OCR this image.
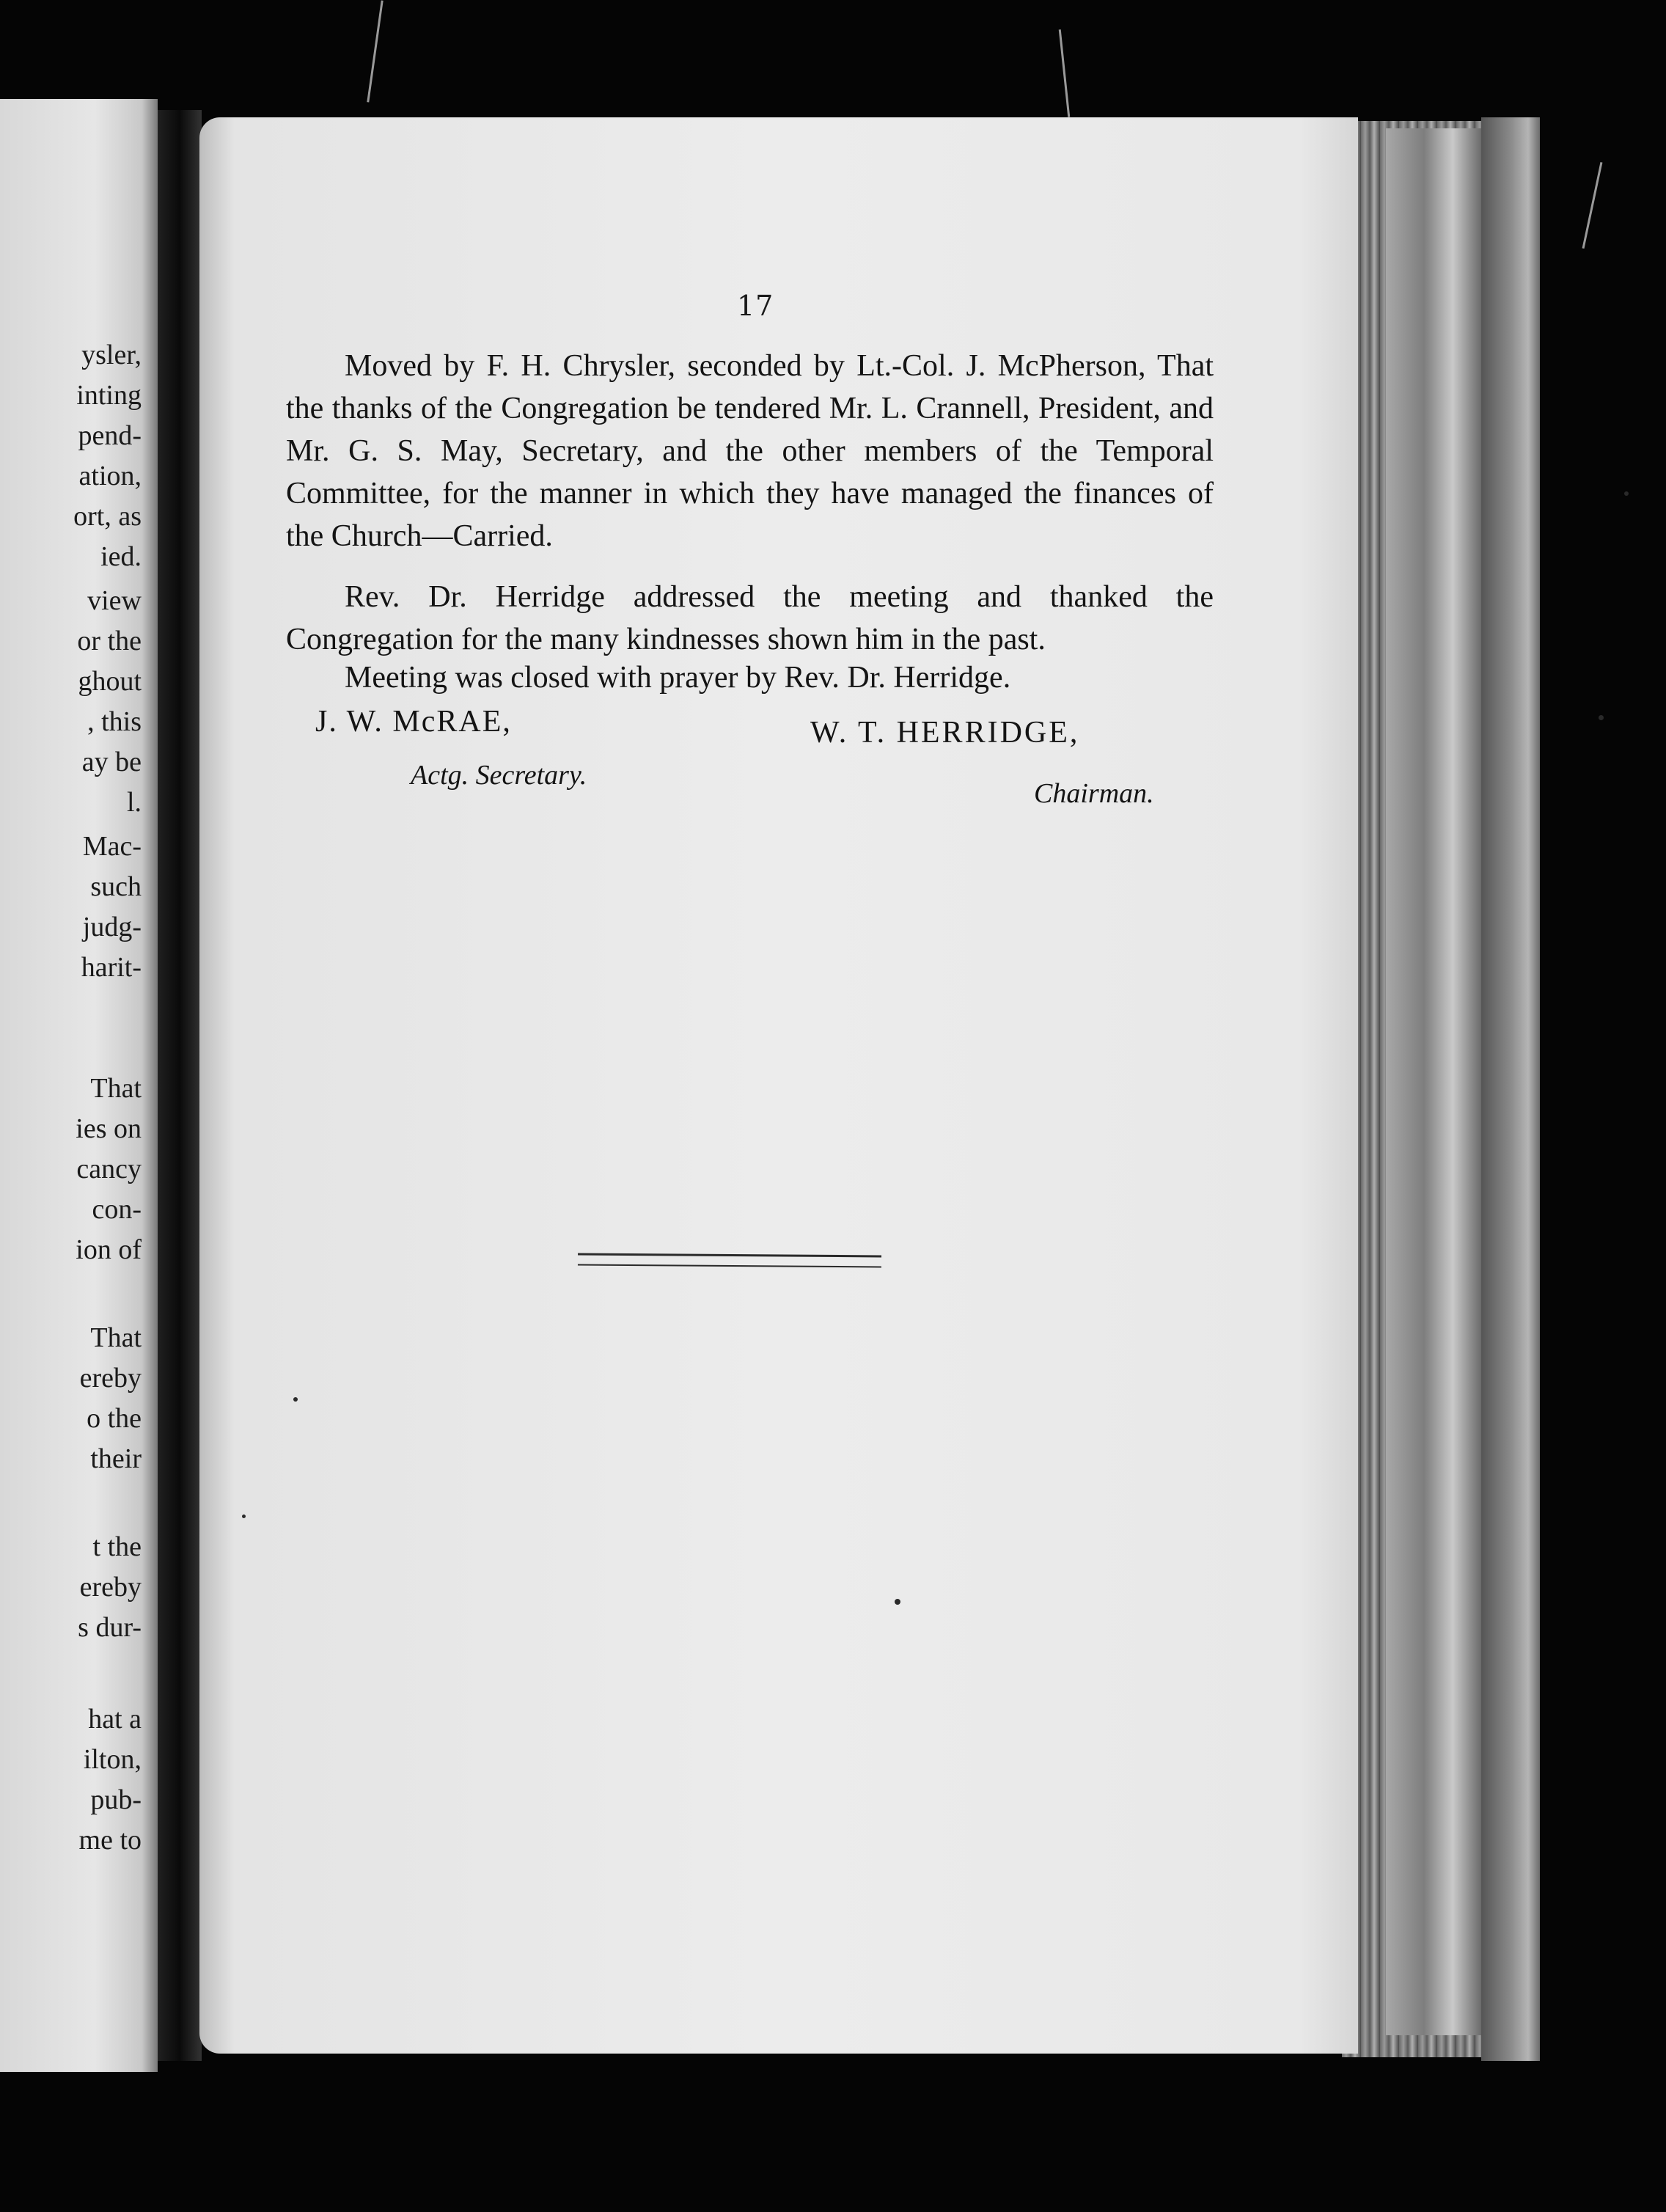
ysler,
inting
pend-
ation,
ort, as
ied.
view
or the
ghout
, this
ay be
l.
Mac-
such
judg-
harit-
That
ies on
cancy
con-
ion of
That
ereby
o the
their
t the
ereby
s dur-
hat a
ilton,
pub-
me to
17

Moved by F. H. Chrysler, seconded by Lt.-Col. J. McPherson, That the thanks of the Congregation be tendered Mr. L. Crannell, President, and Mr. G. S. May, Secretary, and the other members of the Temporal Committee, for the manner in which they have managed the finances of the Church—Carried.

Rev. Dr. Herridge addressed the meeting and thanked the Congregation for the many kindnesses shown him in the past.

Meeting was closed with prayer by Rev. Dr. Herridge.

J. W. McRAE,	W. T. HERRIDGE,
Actg. Secretary.
Chairman.
